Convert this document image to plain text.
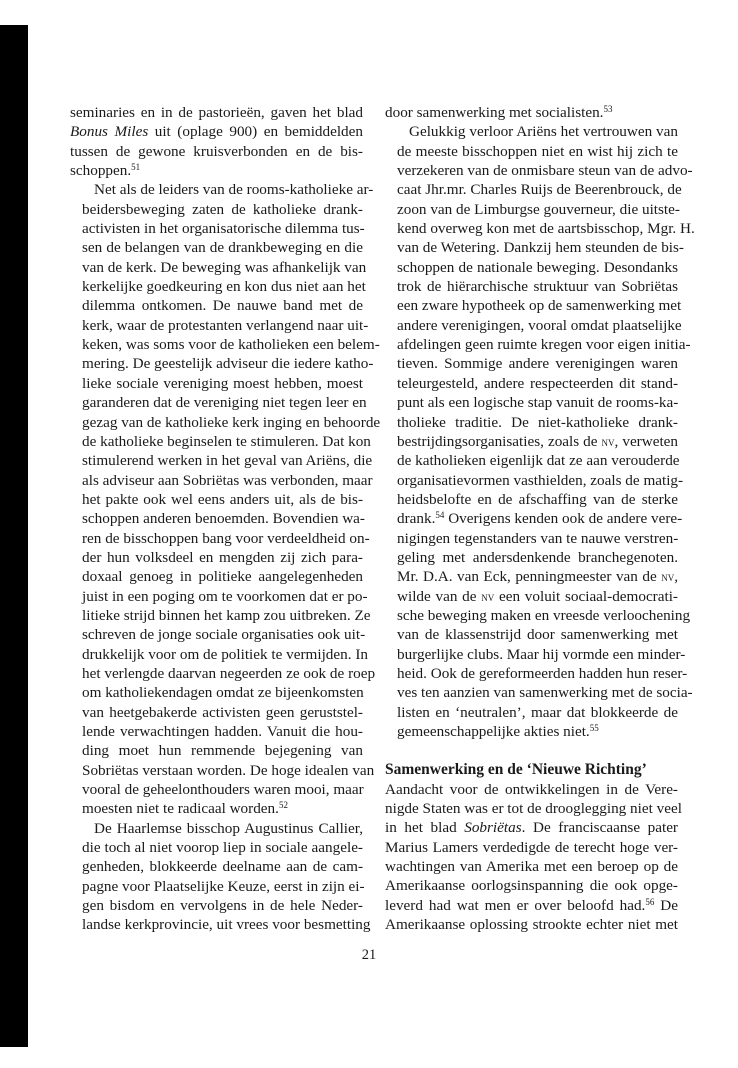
seminaries en in de pastorieën, gaven het blad
Bonus Miles uit (oplage 900) en bemiddelden
tussen de gewone kruisverbonden en de bis-
schoppen.$^{51}$

Net als de leiders van de rooms-katholieke ar-
beidersbeweging zaten de katholieke drank-
activisten in het organisatorische dilemma tus-
sen de belangen van de drankbeweging en die
van de kerk. De beweging was afhankelijk van
kerkelijke goedkeuring en kon dus niet aan het
dilemma ontkomen. De nauwe band met de
kerk, waar de protestanten verlangend naar uit-
keken, was soms voor de katholieken een belem-
mering. De geestelijk adviseur die iedere katho-
lieke sociale vereniging moest hebben, moest
garanderen dat de vereniging niet tegen leer en
gezag van de katholieke kerk inging en behoorde
de katholieke beginselen te stimuleren. Dat kon
stimulerend werken in het geval van Ariëns, die
als adviseur aan Sobriëtas was verbonden, maar
het pakte ook wel eens anders uit, als de bis-
schoppen anderen benoemden. Bovendien wa-
ren de bisschoppen bang voor verdeeldheid on-
der hun volksdeel en mengden zij zich para-
doxaal genoeg in politieke aangelegenheden
juist in een poging om te voorkomen dat er po-
litieke strijd binnen het kamp zou uitbreken. Ze
schreven de jonge sociale organisaties ook uit-
drukkelijk voor om de politiek te vermijden. In
het verlengde daarvan negeerden ze ook de roep
om katholiekendagen omdat ze bijeenkomsten
van heetgebakerde activisten geen geruststel-
lende verwachtingen hadden. Vanuit die hou-
ding moet hun remmende bejegening van
Sobriëtas verstaan worden. De hoge idealen van
vooral de geheelonthouders waren mooi, maar
moesten niet te radicaal worden.$^{52}$

De Haarlemse bisschop Augustinus Callier,
die toch al niet voorop liep in sociale aangele-
genheden, blokkeerde deelname aan de cam-
pagne voor Plaatselijke Keuze, eerst in zijn ei-
gen bisdom en vervolgens in de hele Neder-
landse kerkprovincie, uit vrees voor besmetting

door samenwerking met socialisten.$^{53}$

Gelukkig verloor Ariëns het vertrouwen van
de meeste bisschoppen niet en wist hij zich te
verzekeren van de onmisbare steun van de advo-
caat Jhr.mr. Charles Ruijs de Beerenbrouck, de
zoon van de Limburgse gouverneur, die uitste-
kend overweg kon met de aartsbisschop, Mgr. H.
van de Wetering. Dankzij hem steunden de bis-
schoppen de nationale beweging. Desondanks
trok de hiërarchische struktuur van Sobriëtas
een zware hypotheek op de samenwerking met
andere verenigingen, vooral omdat plaatselijke
afdelingen geen ruimte kregen voor eigen initia-
tieven. Sommige andere verenigingen waren
teleurgesteld, andere respecteerden dit stand-
punt als een logische stap vanuit de rooms-ka-
tholieke traditie. De niet-katholieke drank-
bestrijdingsorganisaties, zoals de nv, verweten
de katholieken eigenlijk dat ze aan verouderde
organisatievormen vasthielden, zoals de matig-
heidsbelofte en de afschaffing van de sterke
drank.$^{54}$ Overigens kenden ook de andere vere-
nigingen tegenstanders van te nauwe verstren-
geling met andersdenkende branchegenoten.
Mr. D.A. van Eck, penningmeester van de nv,
wilde van de nv een voluit sociaal-democrati-
sche beweging maken en vreesde verloochening
van de klassenstrijd door samenwerking met
burgerlijke clubs. Maar hij vormde een minder-
heid. Ook de gereformeerden hadden hun reser-
ves ten aanzien van samenwerking met de socia-
listen en ‘neutralen’, maar dat blokkeerde de
gemeenschappelijke akties niet.$^{55}$

Samenwerking en de ‘Nieuwe Richting’

Aandacht voor de ontwikkelingen in de Vere-
nigde Staten was er tot de drooglegging niet veel
in het blad Sobriëtas. De franciscaanse pater
Marius Lamers verdedigde de terecht hoge ver-
wachtingen van Amerika met een beroep op de
Amerikaanse oorlogsinspanning die ook opge-
leverd had wat men er over beloofd had.$^{56}$ De
Amerikaanse oplossing strookte echter niet met

21
